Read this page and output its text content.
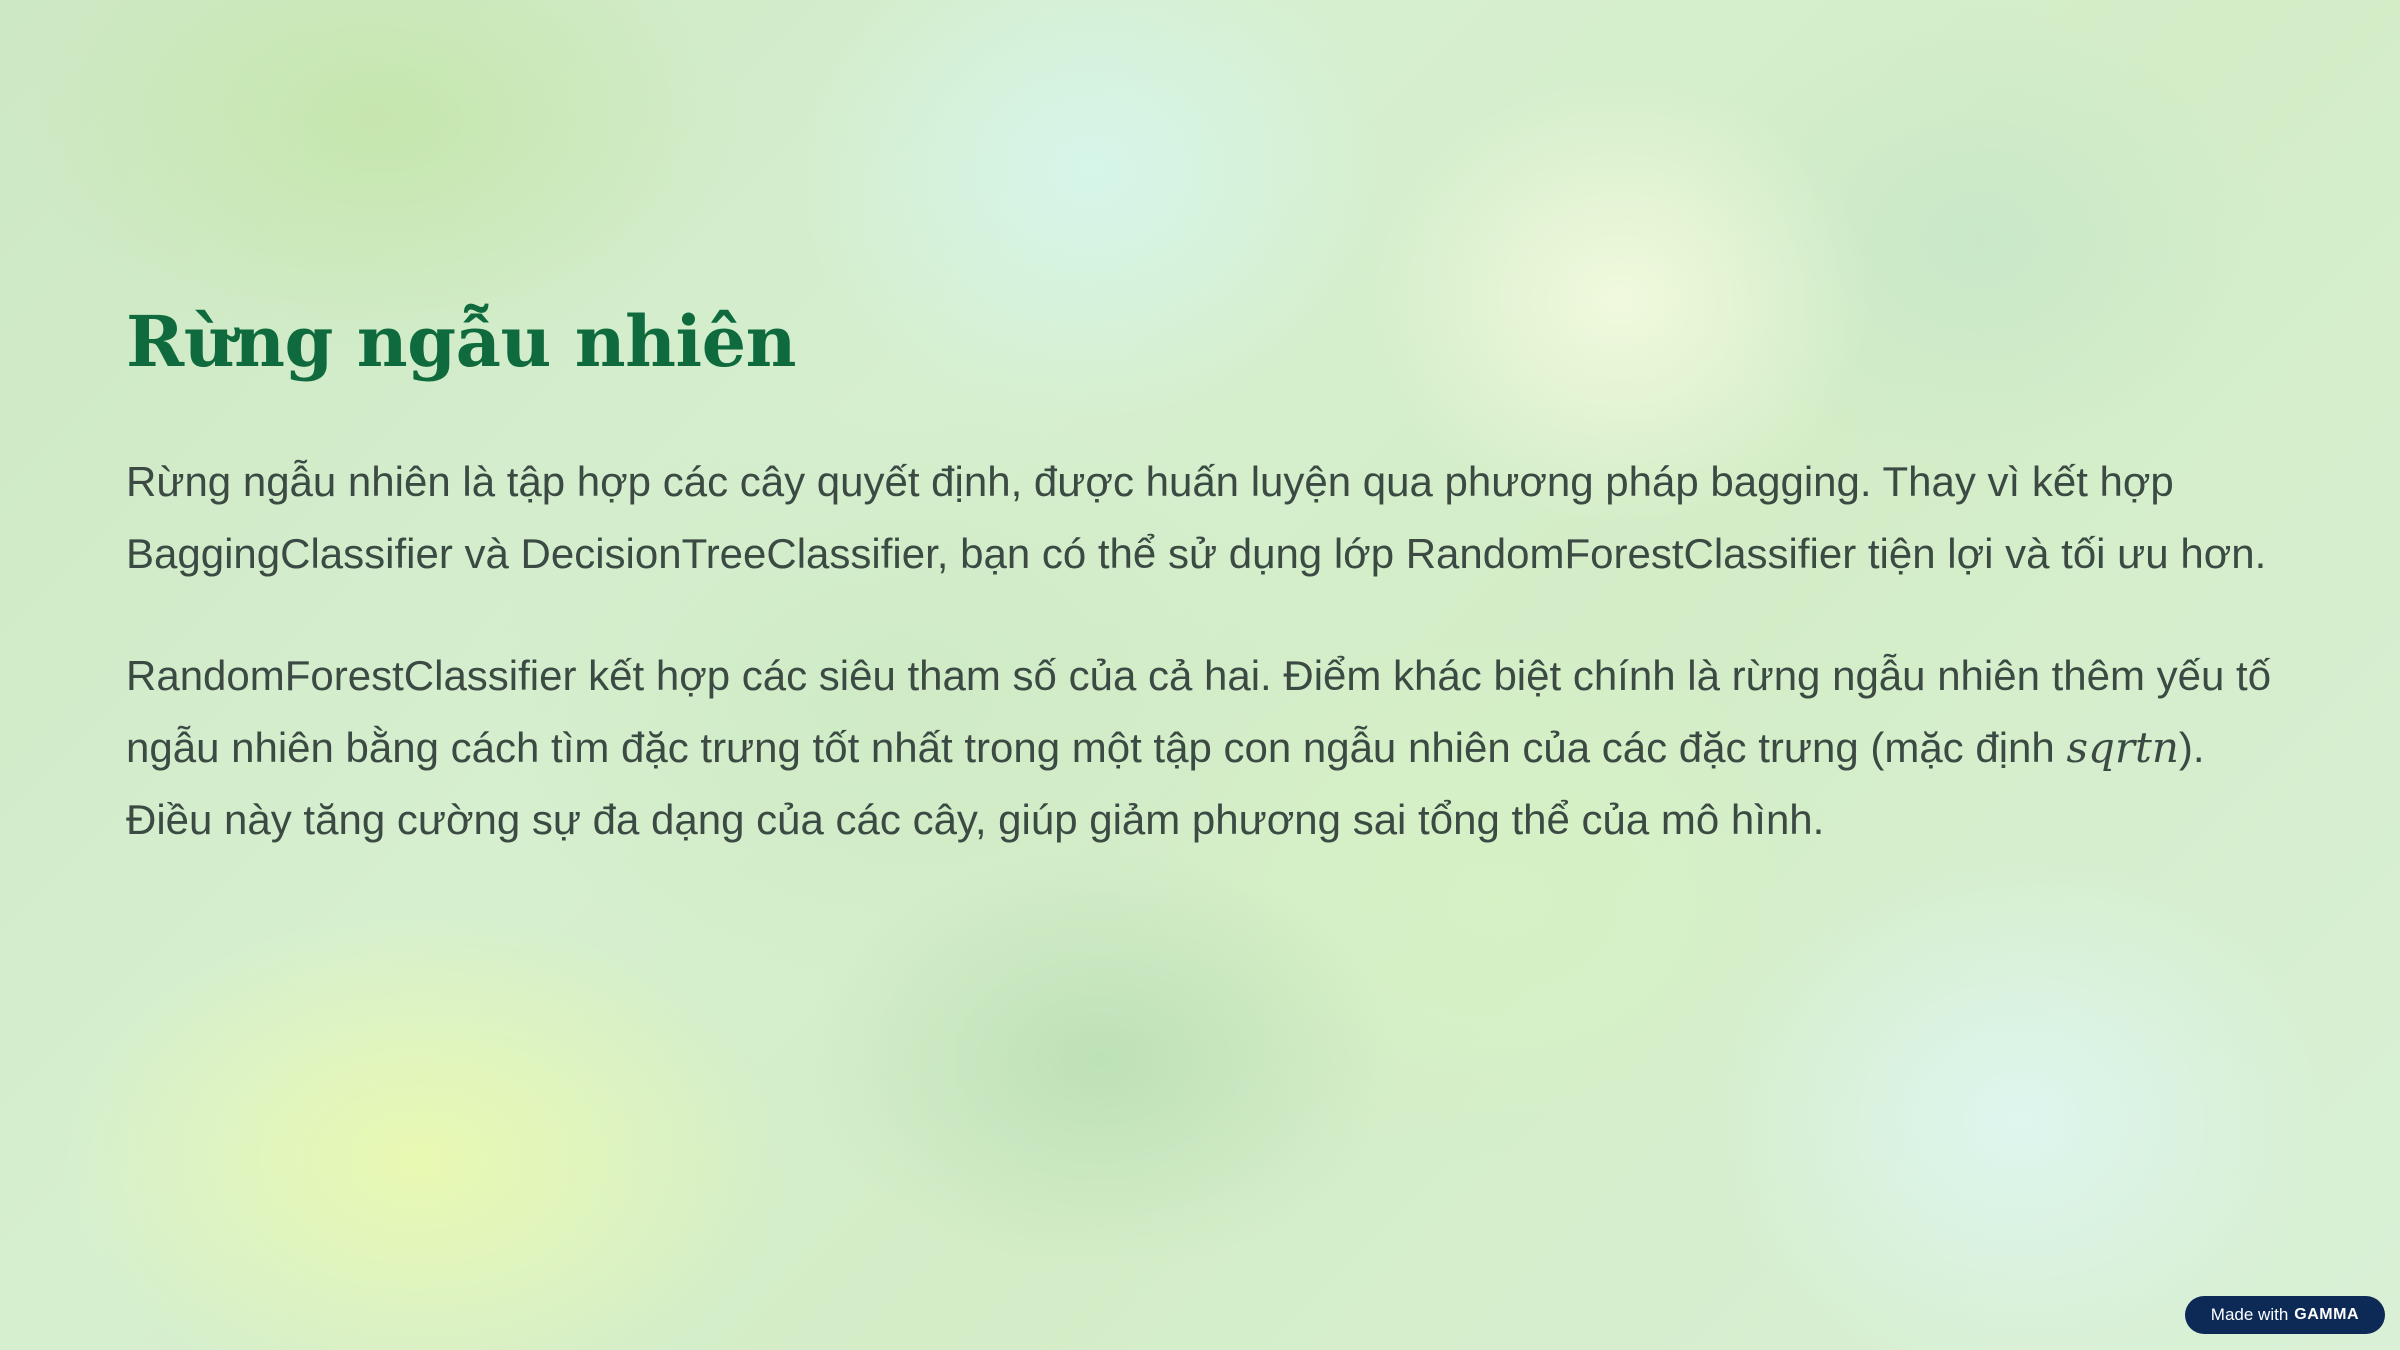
Rừng ngẫu nhiên

Rừng ngẫu nhiên là tập hợp các cây quyết định, được huấn luyện qua phương pháp bagging. Thay vì kết hợp BaggingClassifier và DecisionTreeClassifier, bạn có thể sử dụng lớp RandomForestClassifier tiện lợi và tối ưu hơn.

RandomForestClassifier kết hợp các siêu tham số của cả hai. Điểm khác biệt chính là rừng ngẫu nhiên thêm yếu tố ngẫu nhiên bằng cách tìm đặc trưng tốt nhất trong một tập con ngẫu nhiên của các đặc trưng (mặc định sqrtn). Điều này tăng cường sự đa dạng của các cây, giúp giảm phương sai tổng thể của mô hình.

Made with GAMMA
